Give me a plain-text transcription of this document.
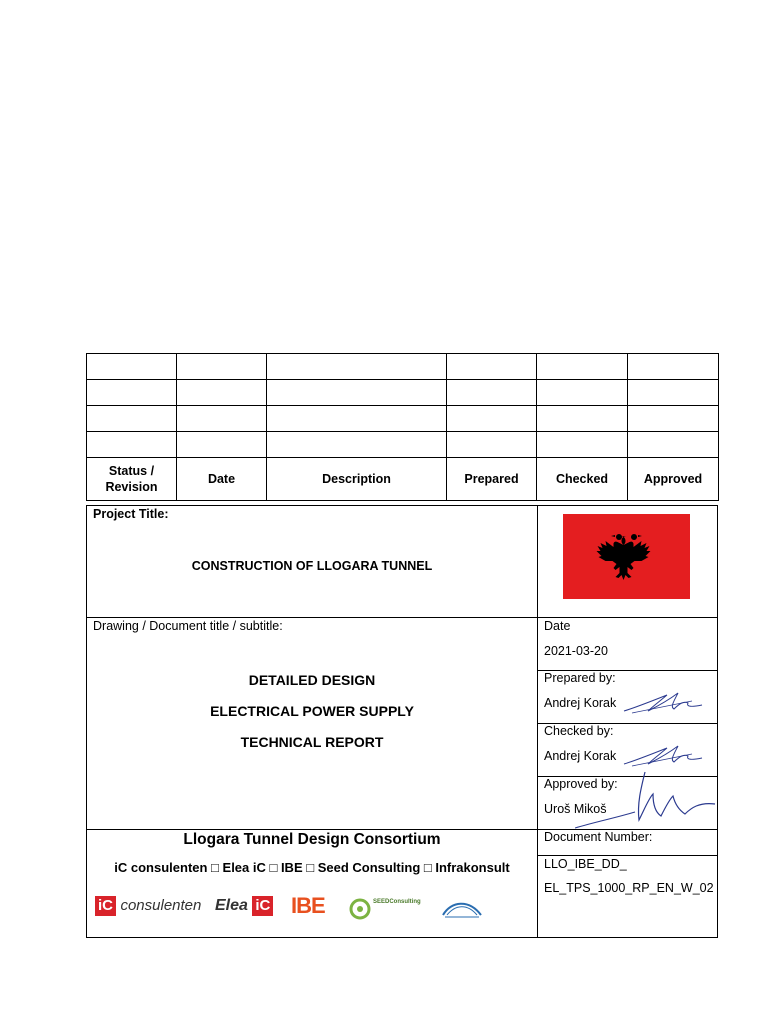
Status / Revision	Date	Description	Prepared	Checked	Approved
Project Title:
CONSTRUCTION OF LLOGARA TUNNEL
Drawing / Document title / subtitle:
DETAILED DESIGN
ELECTRICAL POWER SUPPLY
TECHNICAL REPORT
Date
2021-03-20
Prepared by:
Andrej Korak
Checked by:
Andrej Korak
Approved by:
Uroš Mikoš
Document Number:
LLO_IBE_DD_
EL_TPS_1000_RP_EN_W_02
Llogara Tunnel Design Consortium
iC consulenten □ Elea iC □ IBE □ Seed Consulting □ Infrakonsult
iC consulenten Elea iC IBE	SEEDConsulting
